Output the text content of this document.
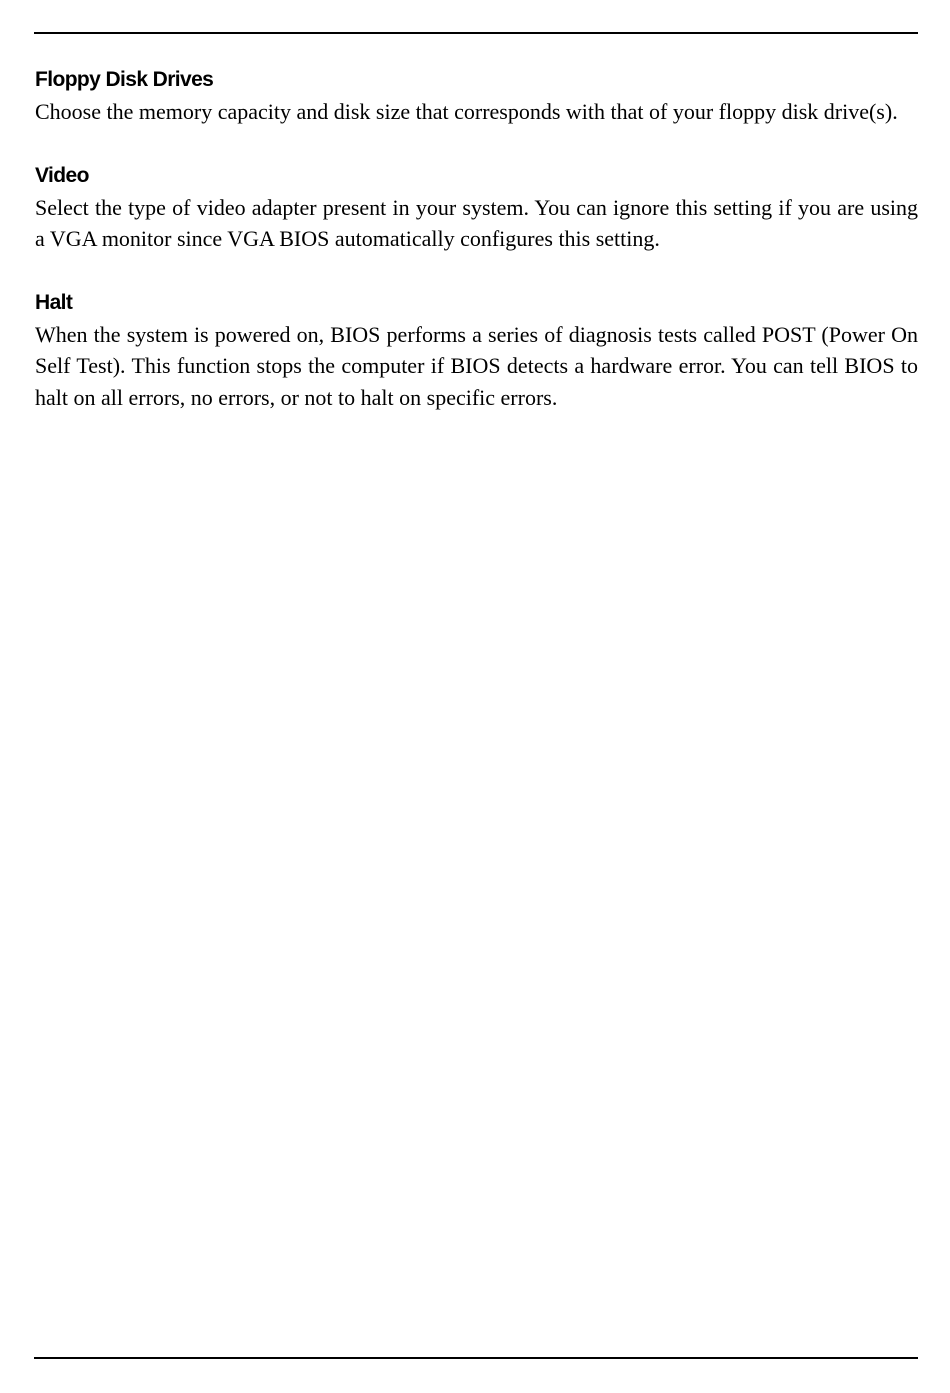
Floppy Disk Drives

Choose the memory capacity and disk size that corresponds with that of your floppy disk drive(s).

Video

Select the type of video adapter present in your system. You can ignore this setting if you are using a VGA monitor since VGA BIOS automatically configures this setting.

Halt

When the system is powered on, BIOS performs a series of diagnosis tests called POST (Power On Self Test). This function stops the computer if BIOS detects a hardware error. You can tell BIOS to halt on all errors, no errors, or not to halt on specific errors.
